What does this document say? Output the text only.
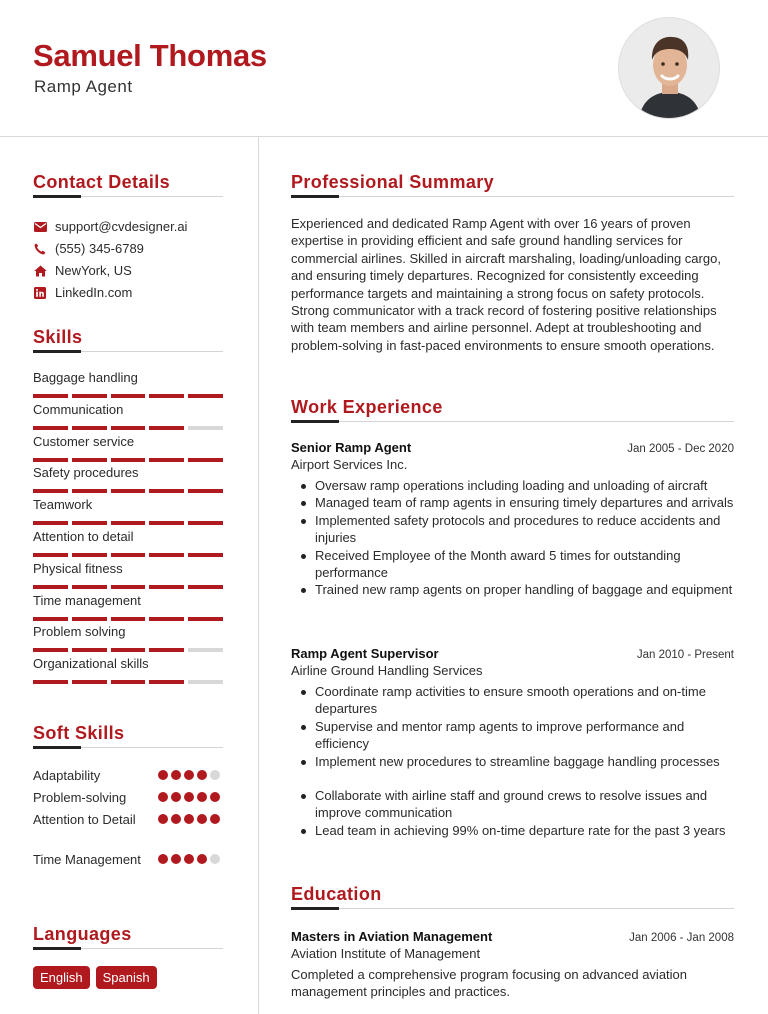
Samuel Thomas
Ramp Agent
Contact Details
support@cvdesigner.ai
(555) 345-6789
NewYork, US
LinkedIn.com
Skills
Baggage handling
Communication
Customer service
Safety procedures
Teamwork
Attention to detail
Physical fitness
Time management
Problem solving
Organizational skills
Soft Skills
Adaptability
Problem-solving
Attention to Detail
Time Management
Languages
English	Spanish
Professional Summary
Experienced and dedicated Ramp Agent with over 16 years of proven expertise in providing efficient and safe ground handling services for commercial airlines. Skilled in aircraft marshaling, loading/unloading cargo, and ensuring timely departures. Recognized for consistently exceeding performance targets and maintaining a strong focus on safety protocols. Strong communicator with a track record of fostering positive relationships with team members and airline personnel. Adept at troubleshooting and problem-solving in fast-paced environments to ensure smooth operations.
Work Experience
Senior Ramp Agent	Jan 2005 - Dec 2020
Airport Services Inc.
Oversaw ramp operations including loading and unloading of aircraft
Managed team of ramp agents in ensuring timely departures and arrivals
Implemented safety protocols and procedures to reduce accidents and injuries
Received Employee of the Month award 5 times for outstanding performance
Trained new ramp agents on proper handling of baggage and equipment
Ramp Agent Supervisor	Jan 2010 - Present
Airline Ground Handling Services
Coordinate ramp activities to ensure smooth operations and on-time departures
Supervise and mentor ramp agents to improve performance and efficiency
Implement new procedures to streamline baggage handling processes
Collaborate with airline staff and ground crews to resolve issues and improve communication
Lead team in achieving 99% on-time departure rate for the past 3 years
Education
Masters in Aviation Management	Jan 2006 - Jan 2008
Aviation Institute of Management
Completed a comprehensive program focusing on advanced aviation management principles and practices.
